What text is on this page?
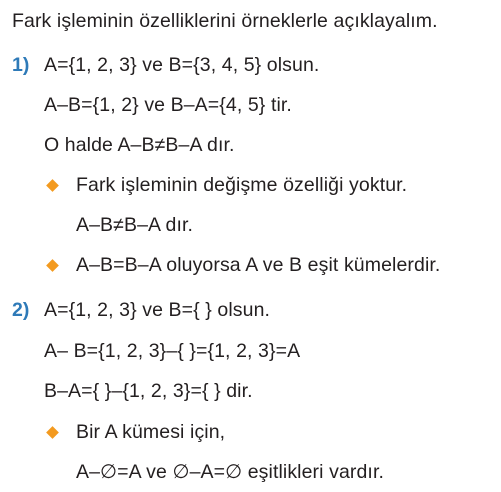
Fark işleminin özelliklerini örneklerle açıklayalım.
1) A={1, 2, 3} ve B={3, 4, 5} olsun.
A–B={1, 2} ve B–A={4, 5} tir.
O halde A–B≠B–A dır.
Fark işleminin değişme özelliği yoktur.
A–B≠B–A dır.
A–B=B–A oluyorsa A ve B eşit kümelerdir.
2) A={1, 2, 3} ve B={ } olsun.
A– B={1, 2, 3}–{ }={1, 2, 3}=A
B–A={ }–{1, 2, 3}={ } dir.
Bir A kümesi için,
A–∅=A ve ∅–A=∅ eşitlikleri vardır.
